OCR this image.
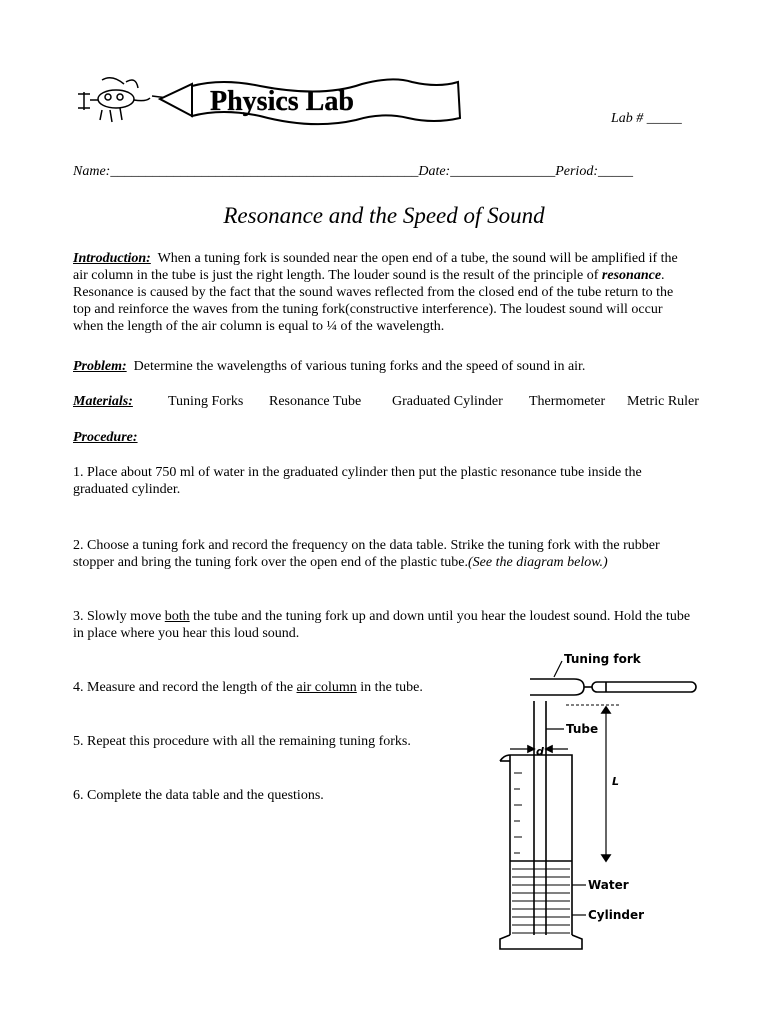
Physics Lab
Lab # _____
Name:____________________________________________Date:_______________Period:_____
Resonance and the Speed of Sound
Introduction: When a tuning fork is sounded near the open end of a tube, the sound will be amplified if the air column in the tube is just the right length. The louder sound is the result of the principle of resonance. Resonance is caused by the fact that the sound waves reflected from the closed end of the tube return to the top and reinforce the waves from the tuning fork(constructive interference). The loudest sound will occur when the length of the air column is equal to ¼ of the wavelength.
Problem: Determine the wavelengths of various tuning forks and the speed of sound in air.
Materials:	Tuning Forks Resonance Tube Graduated Cylinder Thermometer Metric Ruler
Procedure:
1. Place about 750 ml of water in the graduated cylinder then put the plastic resonance tube inside the graduated cylinder.
2. Choose a tuning fork and record the frequency on the data table. Strike the tuning fork with the rubber stopper and bring the tuning fork over the open end of the plastic tube.(See the diagram below.)
3. Slowly move both the tube and the tuning fork up and down until you hear the loudest sound. Hold the tube in place where you hear this loud sound.
4. Measure and record the length of the air column in the tube.
5. Repeat this procedure with all the remaining tuning forks.
6. Complete the data table and the questions.
Tuning fork
Tube
d
L
Water
Cylinder
